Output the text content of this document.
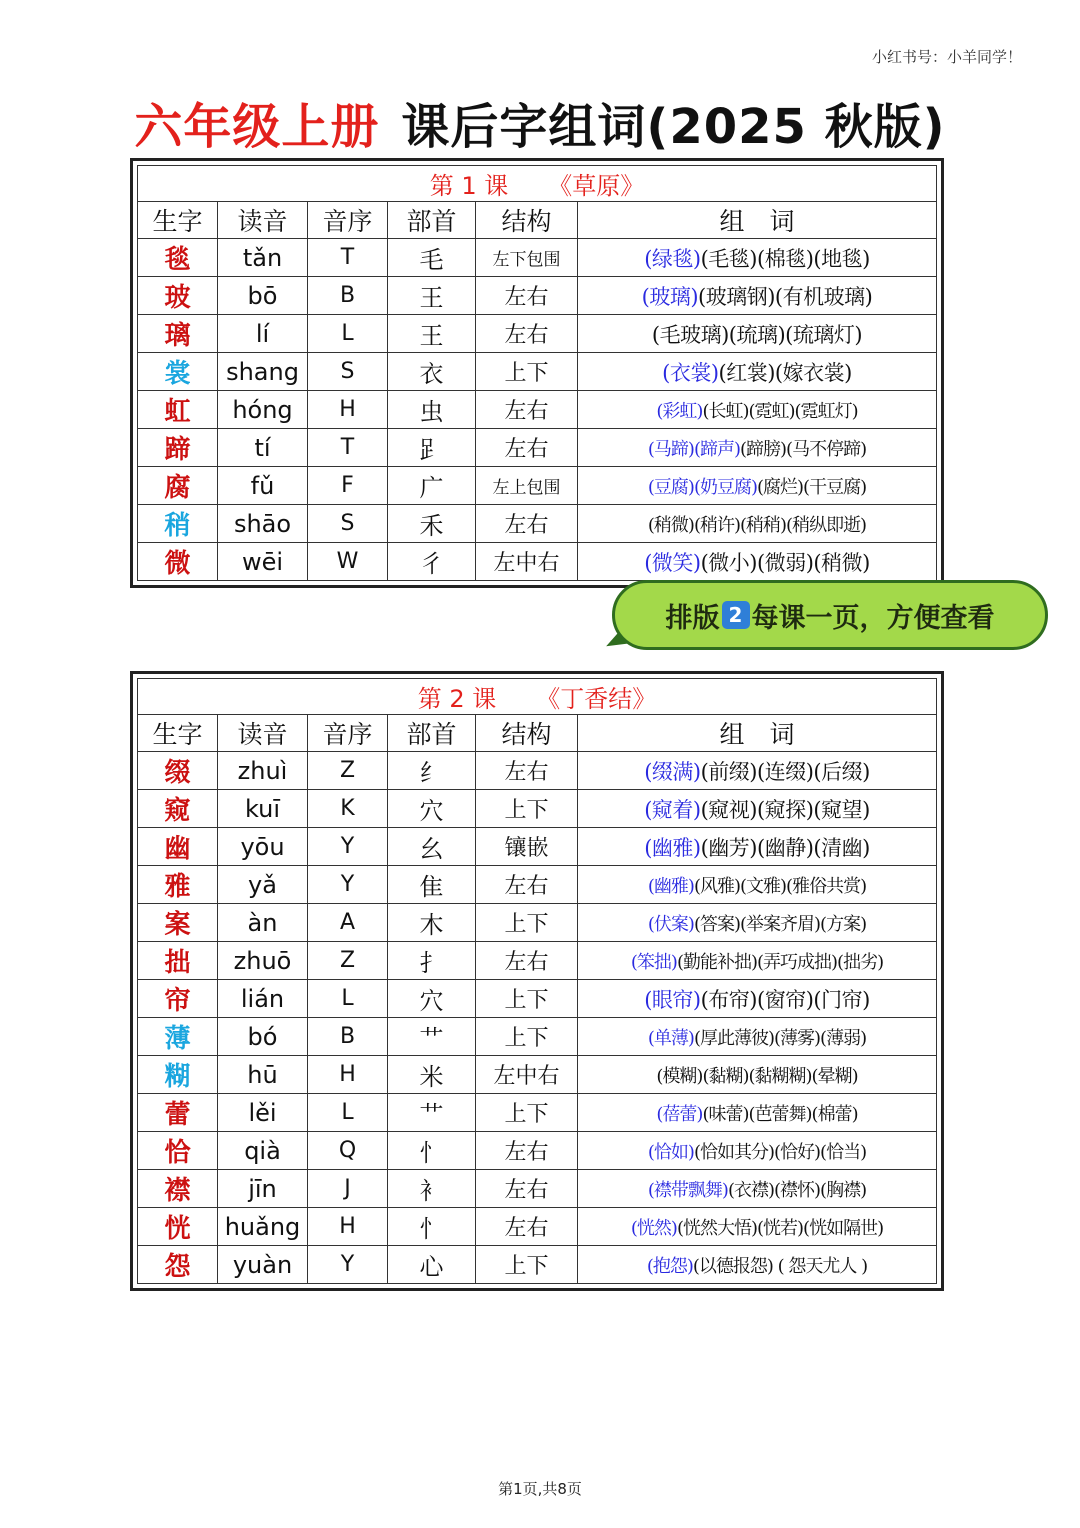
小红书号：小羊同学！
六年级上册 课后字组词(2025 秋版)
第 1 课 《草原》					
生字	读音	音序	部首	结构	组　词
毯	tǎn	T	毛	左下包围	(绿毯)(毛毯)(棉毯)(地毯)
玻	bō	B	王	左右	(玻璃)(玻璃钢)(有机玻璃)
璃	lí	L	王	左右	(毛玻璃)(琉璃)(琉璃灯)
裳	shang	S	衣	上下	(衣裳)(红裳)(嫁衣裳)
虹	hóng	H	虫	左右	(彩虹)(长虹)(霓虹)(霓虹灯)
蹄	tí	T	𧾷	左右	(马蹄)(蹄声)(蹄膀)(马不停蹄)
腐	fǔ	F	广	左上包围	(豆腐)(奶豆腐)(腐烂)(干豆腐)
稍	shāo	S	禾	左右	(稍微)(稍许)(稍稍)(稍纵即逝)
微	wēi	W	彳	左中右	(微笑)(微小)(微弱)(稍微)
排版 2 每课一页，方便查看
第 2 课 《丁香结》					
生字	读音	音序	部首	结构	组　词
缀	zhuì	Z	纟	左右	(缀满)(前缀)(连缀)(后缀)
窥	kuī	K	穴	上下	(窥着)(窥视)(窥探)(窥望)
幽	yōu	Y	幺	镶嵌	(幽雅)(幽芳)(幽静)(清幽)
雅	yǎ	Y	隹	左右	(幽雅)(风雅)(文雅)(雅俗共赏)
案	àn	A	木	上下	(伏案)(答案)(举案齐眉)(方案)
拙	zhuō	Z	扌	左右	(笨拙)(勤能补拙)(弄巧成拙)(拙劣)
帘	lián	L	穴	上下	(眼帘)(布帘)(窗帘)(门帘)
薄	bó	B	艹	上下	(单薄)(厚此薄彼)(薄雾)(薄弱)
糊	hū	H	米	左中右	(模糊)(黏糊)(黏糊糊)(晕糊)
蕾	lěi	L	艹	上下	(蓓蕾)(味蕾)(芭蕾舞)(棉蕾)
恰	qià	Q	忄	左右	(恰如)(恰如其分)(恰好)(恰当)
襟	jīn	J	衤	左右	(襟带飘舞)(衣襟)(襟怀)(胸襟)
恍	huǎng	H	忄	左右	(恍然)(恍然大悟)(恍若)(恍如隔世)
怨	yuàn	Y	心	上下	(抱怨)(以德报怨) ( 怨天尤人 )
第1页,共8页
